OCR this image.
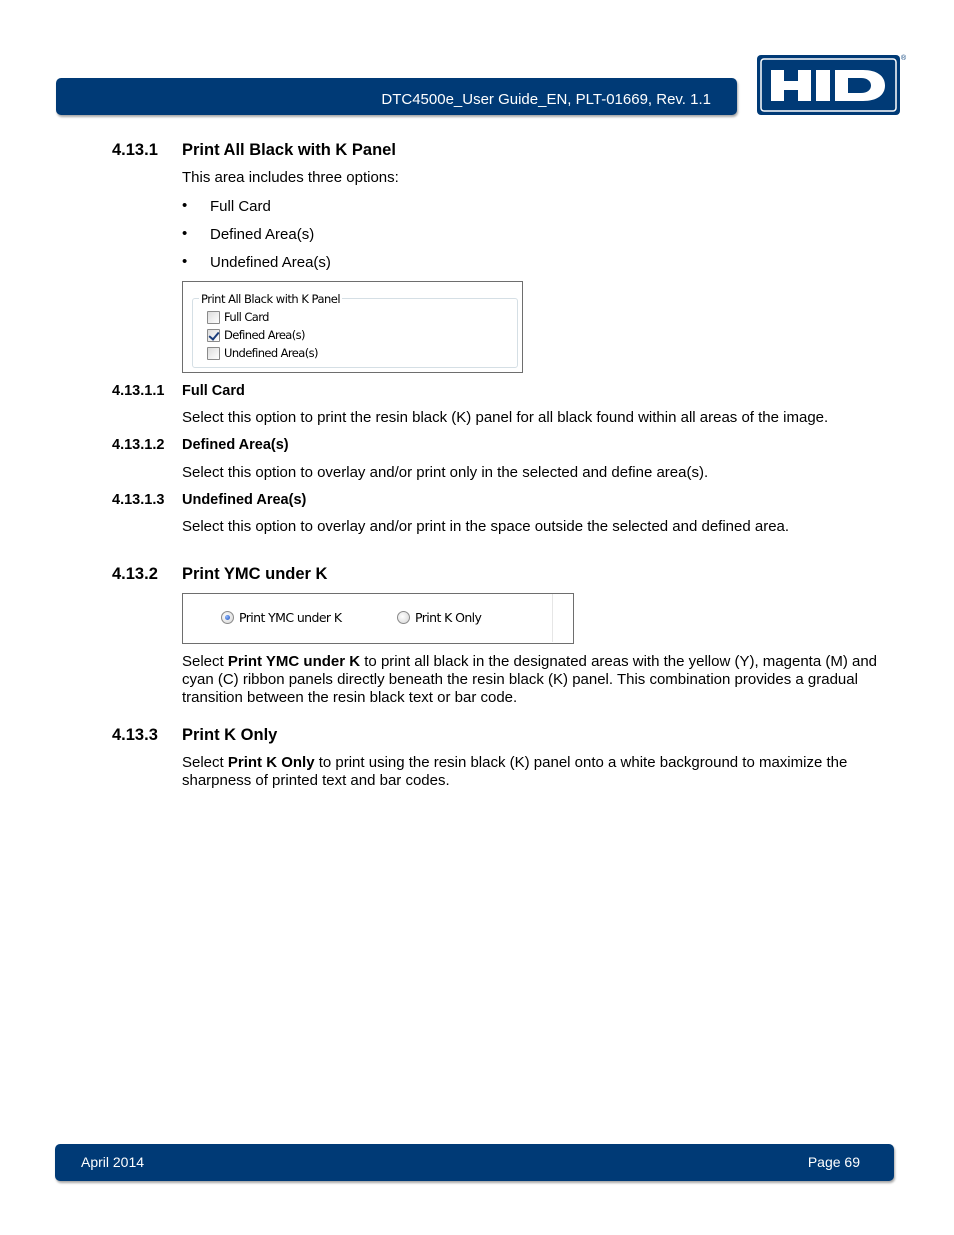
DTC4500e_User Guide_EN, PLT-01669, Rev. 1.1
®
4.13.1 Print All Black with K Panel
This area includes three options:
• Full Card
• Defined Area(s)
• Undefined Area(s)
Print All Black with K Panel
Full Card
Defined Area(s)
Undefined Area(s)
4.13.1.1 Full Card
Select this option to print the resin black (K) panel for all black found within all areas of the image.
4.13.1.2 Defined Area(s)
Select this option to overlay and/or print only in the selected and define area(s).
4.13.1.3 Undefined Area(s)
Select this option to overlay and/or print in the space outside the selected and defined area.
4.13.2 Print YMC under K
Print YMC under K	Print K Only
Select Print YMC under K to print all black in the designated areas with the yellow (Y), magenta (M) and cyan (C) ribbon panels directly beneath the resin black (K) panel. This combination provides a gradual transition between the resin black text or bar code.
4.13.3 Print K Only
Select Print K Only to print using the resin black (K) panel onto a white background to maximize the sharpness of printed text and bar codes.
April 2014	Page 69
